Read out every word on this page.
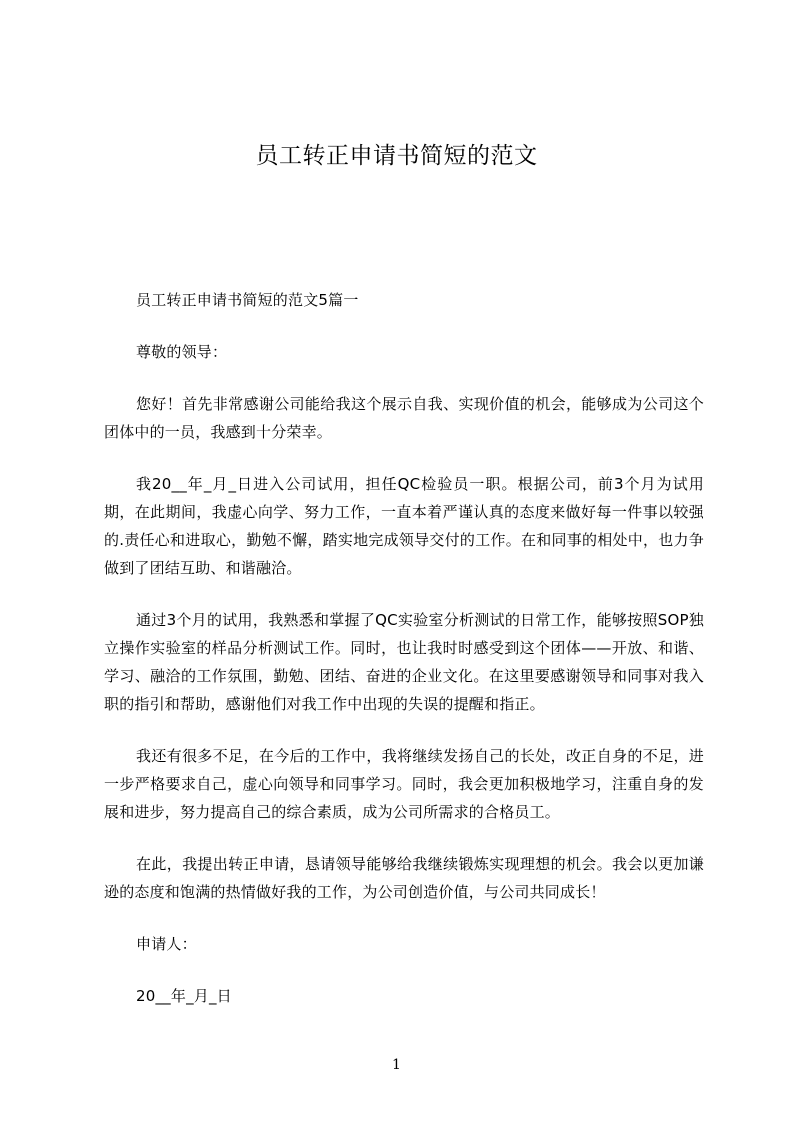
员工转正申请书简短的范文

员工转正申请书简短的范文5篇一

尊敬的领导：

您好！首先非常感谢公司能给我这个展示自我、实现价值的机会，能够成为公司这个团体中的一员，我感到十分荣幸。

我20__年_月_日进入公司试用，担任QC检验员一职。根据公司，前3个月为试用期，在此期间，我虚心向学、努力工作，一直本着严谨认真的态度来做好每一件事以较强的.责任心和进取心，勤勉不懈，踏实地完成领导交付的工作。在和同事的相处中，也力争做到了团结互助、和谐融洽。

通过3个月的试用，我熟悉和掌握了QC实验室分析测试的日常工作，能够按照SOP独立操作实验室的样品分析测试工作。同时，也让我时时感受到这个团体——开放、和谐、学习、融洽的工作氛围，勤勉、团结、奋进的企业文化。在这里要感谢领导和同事对我入职的指引和帮助，感谢他们对我工作中出现的失误的提醒和指正。

我还有很多不足，在今后的工作中，我将继续发扬自己的长处，改正自身的不足，进一步严格要求自己，虚心向领导和同事学习。同时，我会更加积极地学习，注重自身的发展和进步，努力提高自己的综合素质，成为公司所需求的合格员工。

在此，我提出转正申请，恳请领导能够给我继续锻炼实现理想的机会。我会以更加谦逊的态度和饱满的热情做好我的工作，为公司创造价值，与公司共同成长！

申请人：

20__年_月_日

1
